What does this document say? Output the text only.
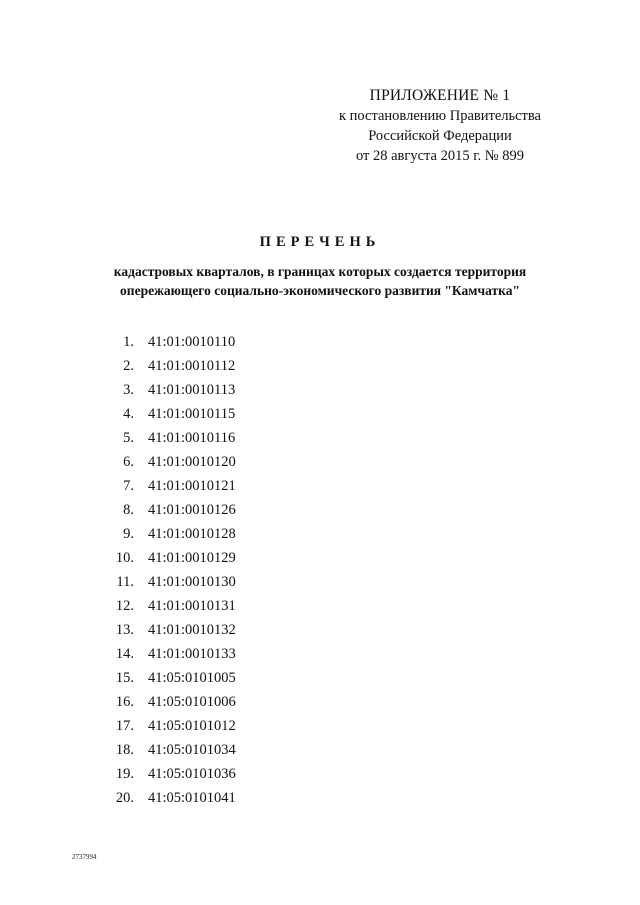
ПРИЛОЖЕНИЕ № 1
к постановлению Правительства
Российской Федерации
от 28 августа 2015 г. № 899
ПЕРЕЧЕНЬ
кадастровых кварталов, в границах которых создается территория
опережающего социально-экономического развития "Камчатка"
1. 41:01:0010110
2. 41:01:0010112
3. 41:01:0010113
4. 41:01:0010115
5. 41:01:0010116
6. 41:01:0010120
7. 41:01:0010121
8. 41:01:0010126
9. 41:01:0010128
10. 41:01:0010129
11. 41:01:0010130
12. 41:01:0010131
13. 41:01:0010132
14. 41:01:0010133
15. 41:05:0101005
16. 41:05:0101006
17. 41:05:0101012
18. 41:05:0101034
19. 41:05:0101036
20. 41:05:0101041
2737994
